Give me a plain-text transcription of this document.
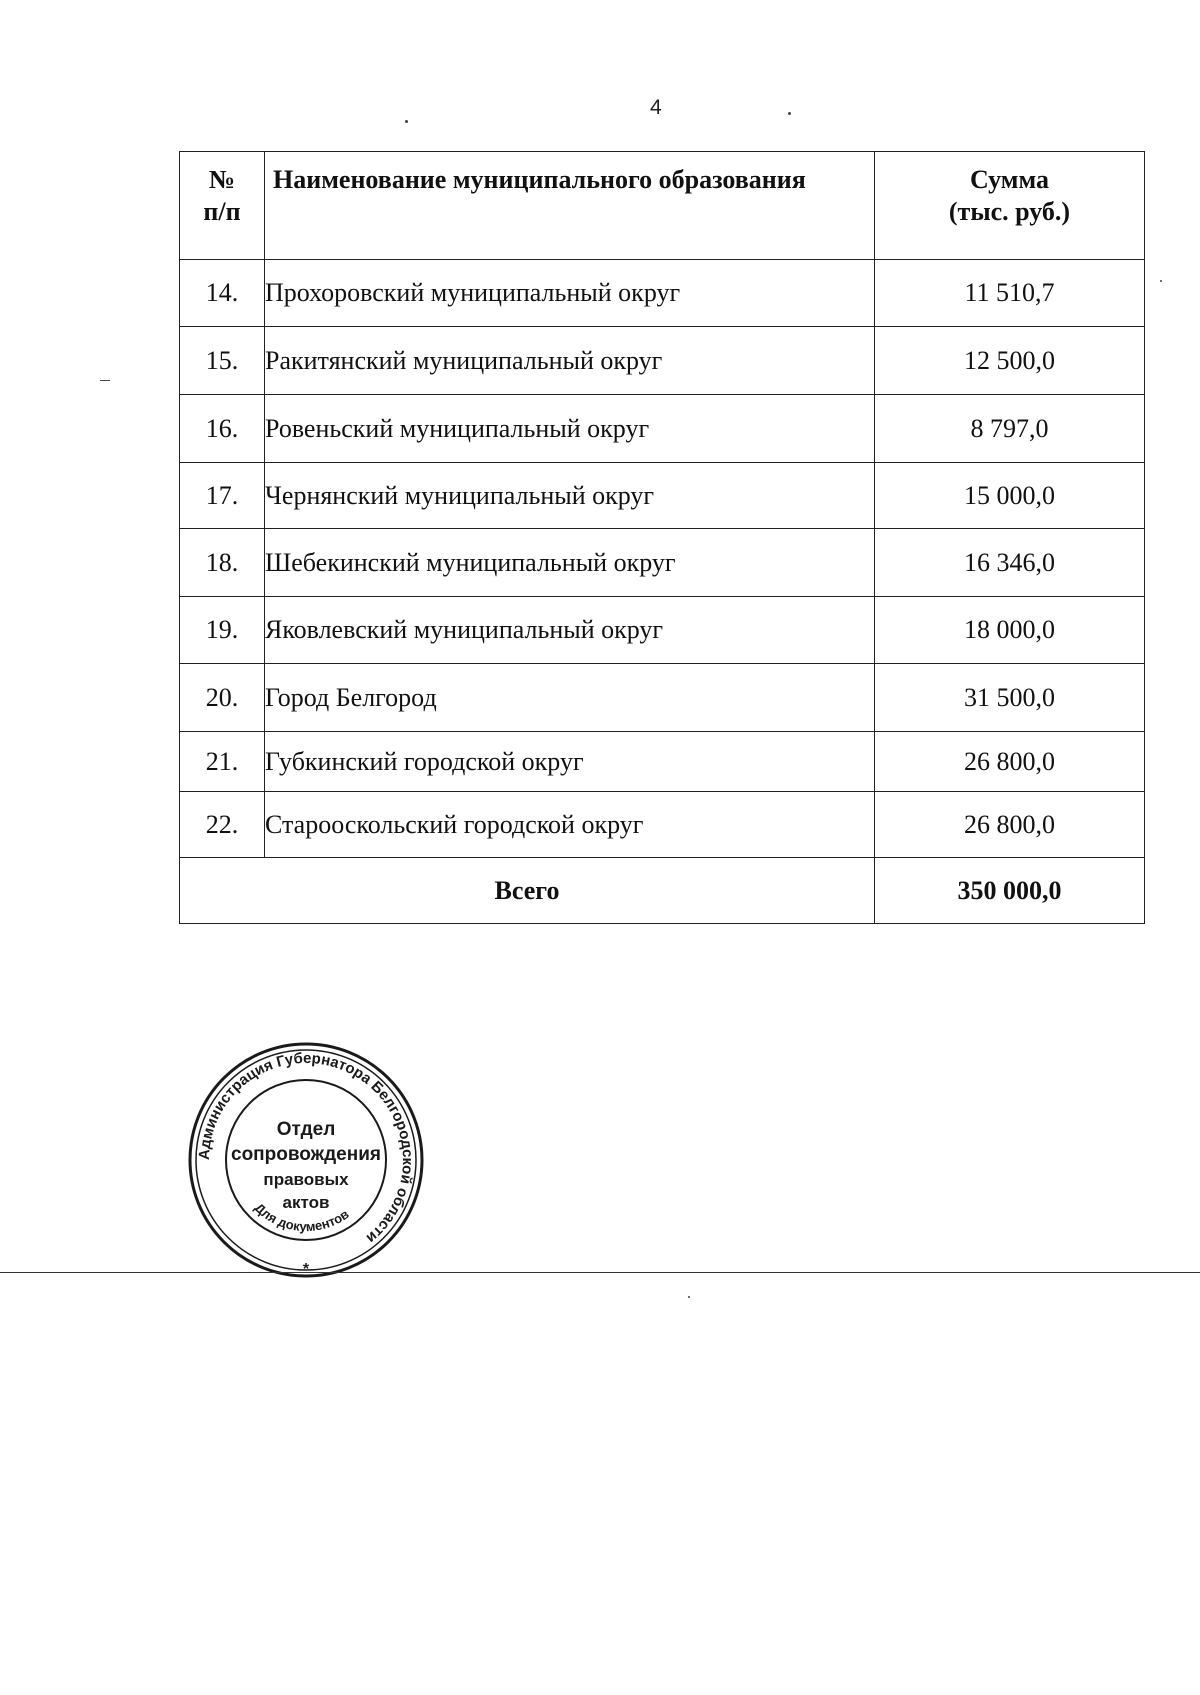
4
№
п/п	Наименование муниципального образования	Сумма
(тыс. руб.)

14.	Прохоровский муниципальный округ	11 510,7
15.	Ракитянский муниципальный округ	12 500,0
16.	Ровеньский муниципальный округ	8 797,0
17.	Чернянский муниципальный округ	15 000,0
18.	Шебекинский муниципальный округ	16 346,0
19.	Яковлевский муниципальный округ	18 000,0
20.	Город Белгород	31 500,0
21.	Губкинский городской округ	26 800,0
22.	Старооскольский городской округ	26 800,0
Всего		350 000,0
Администрация Губернатора Белгородской области
Для документов
Отдел
сопровождения
правовых
актов
*
